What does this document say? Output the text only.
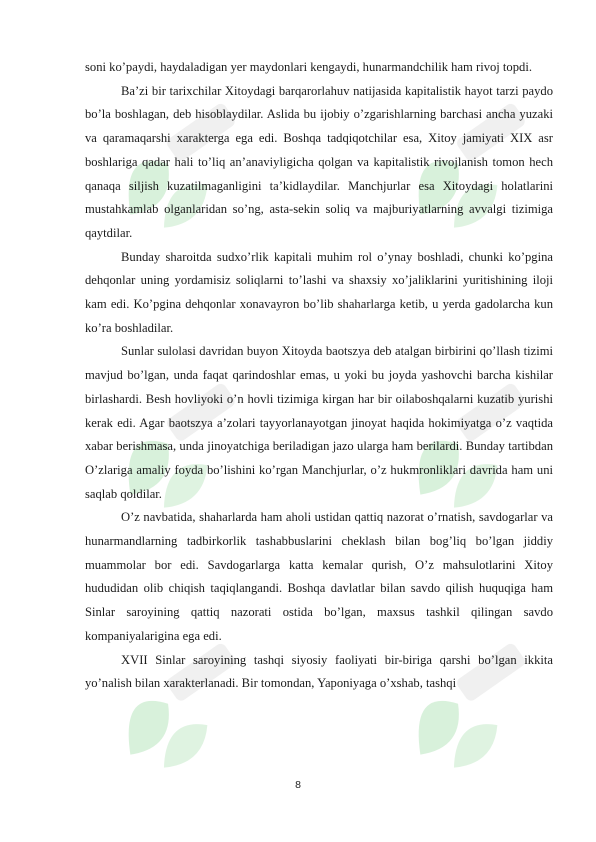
soni ko’paydi, haydaladigan yer maydonlari kengaydi, hunarmandchilik ham rivoj topdi.

Ba’zi bir tarixchilar Xitoydagi barqarorlahuv natijasida kapitalistik hayot tarzi paydo bo’la boshlagan, deb hisoblaydilar. Aslida bu ijobiy o’zgarishlarning barchasi ancha yuzaki va qaramaqarshi xarakterga ega edi. Boshqa tadqiqotchilar esa, Xitoy jamiyati XIX asr boshlariga qadar hali to’liq an’anaviyligicha qolgan va kapitalistik rivojlanish tomon hech qanaqa siljish kuzatilmaganligini ta’kidlaydilar. Manchjurlar esa Xitoydagi holatlarini mustahkamlab olganlaridan so’ng, asta-sekin soliq va majburiyatlarning avvalgi tizimiga qaytdilar.

Bunday sharoitda sudxo’rlik kapitali muhim rol o’ynay boshladi, chunki ko’pgina dehqonlar uning yordamisiz soliqlarni to’lashi va shaxsiy xo’jaliklarini yuritishining iloji kam edi. Ko’pgina dehqonlar xonavayron bo’lib shaharlarga ketib, u yerda gadolarcha kun ko’ra boshladilar.

Sunlar sulolasi davridan buyon Xitoyda baotszya deb atalgan birbirini qo’llash tizimi mavjud bo’lgan, unda faqat qarindoshlar emas, u yoki bu joyda yashovchi barcha kishilar birlashardi. Besh hovliyoki o’n hovli tizimiga kirgan har bir oilaboshqalarni kuzatib yurishi kerak edi. Agar baotszya a’zolari tayyorlanayotgan jinoyat haqida hokimiyatga o’z vaqtida xabar berishmasa, unda jinoyatchiga beriladigan jazo ularga ham berilardi. Bunday tartibdan O’zlariga amaliy foyda bo’lishini ko’rgan Manchjurlar, o’z hukmronliklari davrida ham uni saqlab qoldilar.

O’z navbatida, shaharlarda ham aholi ustidan qattiq nazorat o’rnatish, savdogarlar va hunarmandlarning tadbirkorlik tashabbuslarini cheklash bilan bog’liq bo’lgan jiddiy muammolar bor edi. Savdogarlarga katta kemalar qurish, O’z mahsulotlarini Xitoy hududidan olib chiqish taqiqlangandi. Boshqa davlatlar bilan savdo qilish huquqiga ham Sinlar saroyining qattiq nazorati ostida bo’lgan, maxsus tashkil qilingan savdo kompaniyalarigina ega edi.

XVII Sinlar saroyining tashqi siyosiy faoliyati bir-biriga qarshi bo’lgan ikkita yo’nalish bilan xarakterlanadi. Bir tomondan, Yaponiyaga o’xshab, tashqi

8
